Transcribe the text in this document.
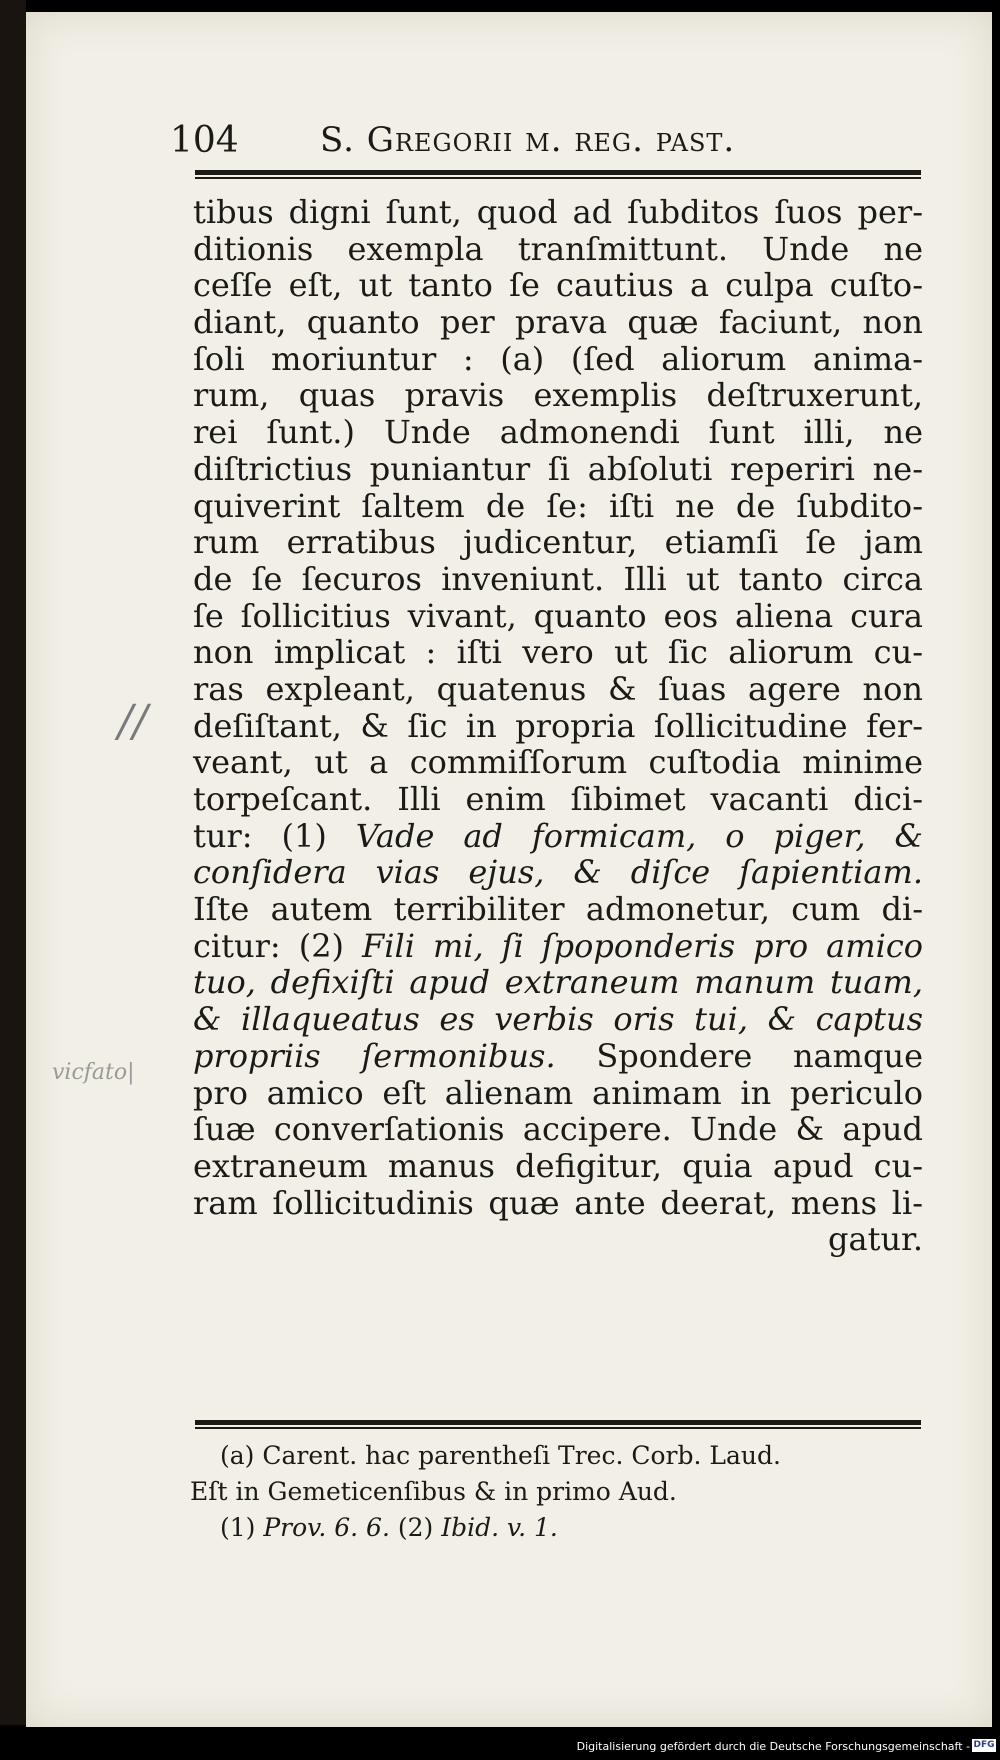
104 S. Gregorii m. reg. past.
tibus digni ſunt, quod ad ſubditos ſuos per-
ditionis exempla tranſmittunt. Unde ne
ceſſe eſt, ut tanto ſe cautius a culpa cuſto-
diant, quanto per prava quæ faciunt, non
ſoli moriuntur : (a) (ſed aliorum anima-
rum, quas pravis exemplis deſtruxerunt,
rei ſunt.) Unde admonendi ſunt illi, ne
diſtrictius puniantur ſi abſoluti reperiri ne-
quiverint ſaltem de ſe: iſti ne de ſubdito-
rum erratibus judicentur, etiamſi ſe jam
de ſe ſecuros inveniunt. Illi ut tanto circa
ſe ſollicitius vivant, quanto eos aliena cura
non implicat : iſti vero ut ſic aliorum cu-
ras expleant, quatenus & ſuas agere non
deſiſtant, & ſic in propria ſollicitudine fer-
veant, ut a commiſſorum cuſtodia minime
torpeſcant. Illi enim ſibimet vacanti dici-
tur: (1) Vade ad formicam, o piger, &
conſidera vias ejus, & diſce ſapientiam.
Iſte autem terribiliter admonetur, cum di-
citur: (2) Fili mi, ſi ſpoponderis pro amico
tuo, defixiſti apud extraneum manum tuam,
& illaqueatus es verbis oris tui, & captus
propriis ſermonibus. Spondere namque
pro amico eſt alienam animam in periculo
ſuæ converſationis accipere. Unde & apud
extraneum manus defigitur, quia apud cu-
ram ſollicitudinis quæ ante deerat, mens li-
gatur.
(a) Carent. hac parentheſi Trec. Corb. Laud.
Eſt in Gemeticenſibus & in primo Aud.
(1) Prov. 6. 6. (2) Ibid. v. 1.
//
vicfato|
Digitalisierung gefördert durch die Deutsche Forschungsgemeinschaft - DFG
